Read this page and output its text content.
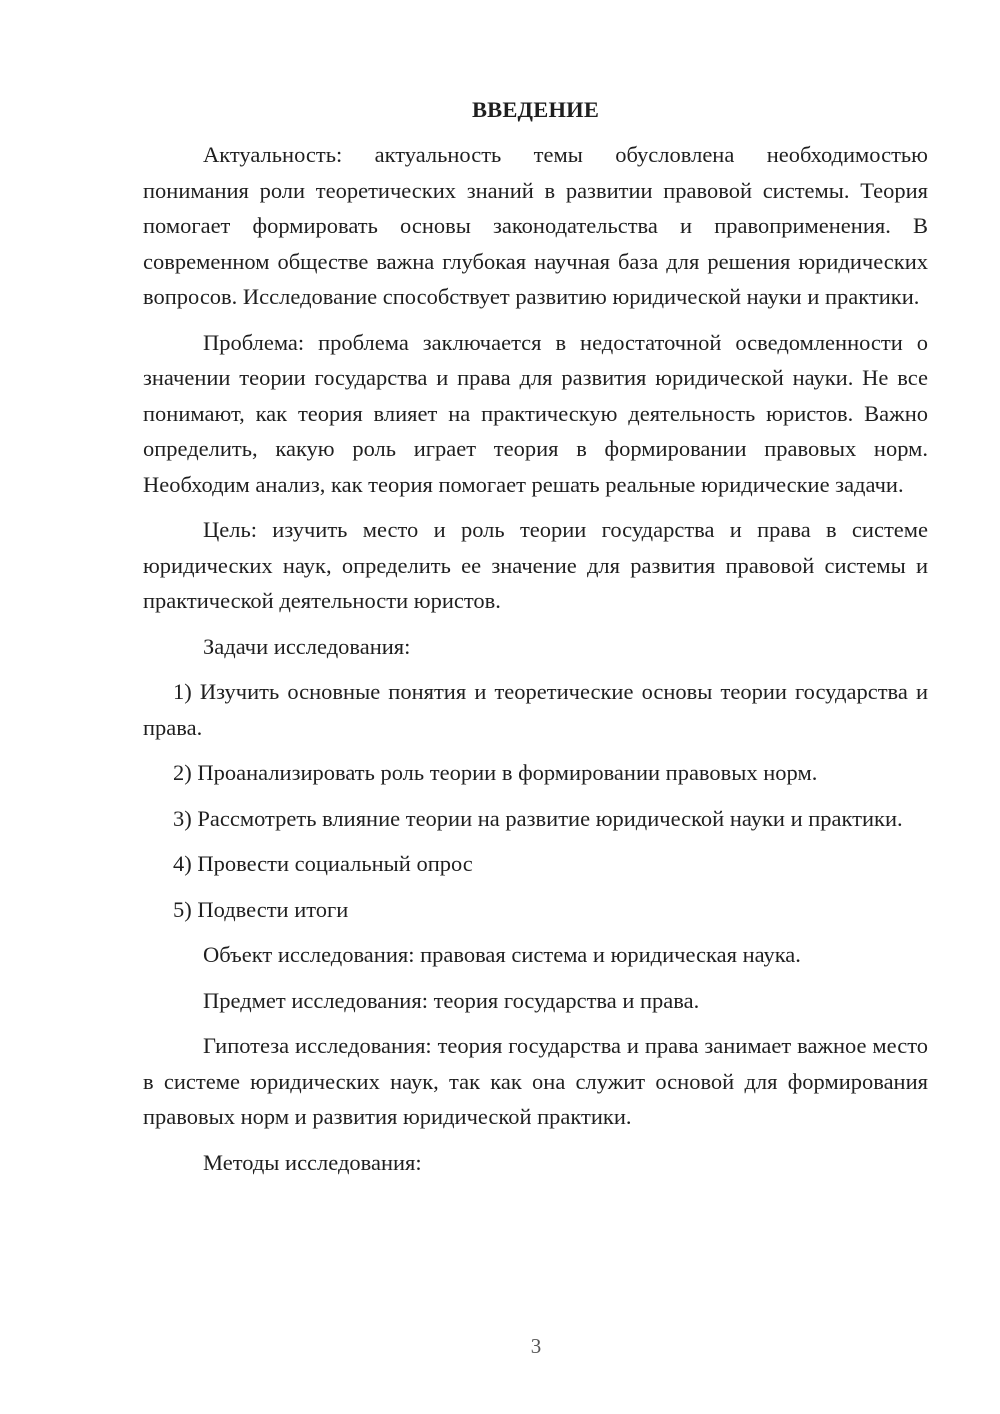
ВВЕДЕНИЕ

Актуальность: актуальность темы обусловлена необходимостью понимания роли теоретических знаний в развитии правовой системы. Теория помогает формировать основы законодательства и правоприменения. В современном обществе важна глубокая научная база для решения юридических вопросов. Исследование способствует развитию юридической науки и практики.

Проблема: проблема заключается в недостаточной осведомленности о значении теории государства и права для развития юридической науки. Не все понимают, как теория влияет на практическую деятельность юристов. Важно определить, какую роль играет теория в формировании правовых норм. Необходим анализ, как теория помогает решать реальные юридические задачи.

Цель: изучить место и роль теории государства и права в системе юридических наук, определить ее значение для развития правовой системы и практической деятельности юристов.

Задачи исследования:

1) Изучить основные понятия и теоретические основы теории государства и права.

2) Проанализировать роль теории в формировании правовых норм.

3) Рассмотреть влияние теории на развитие юридической науки и практики.

4) Провести социальный опрос

5) Подвести итоги

Объект исследования: правовая система и юридическая наука.

Предмет исследования: теория государства и права.

Гипотеза исследования: теория государства и права занимает важное место в системе юридических наук, так как она служит основой для формирования правовых норм и развития юридической практики.

Методы исследования:

3
